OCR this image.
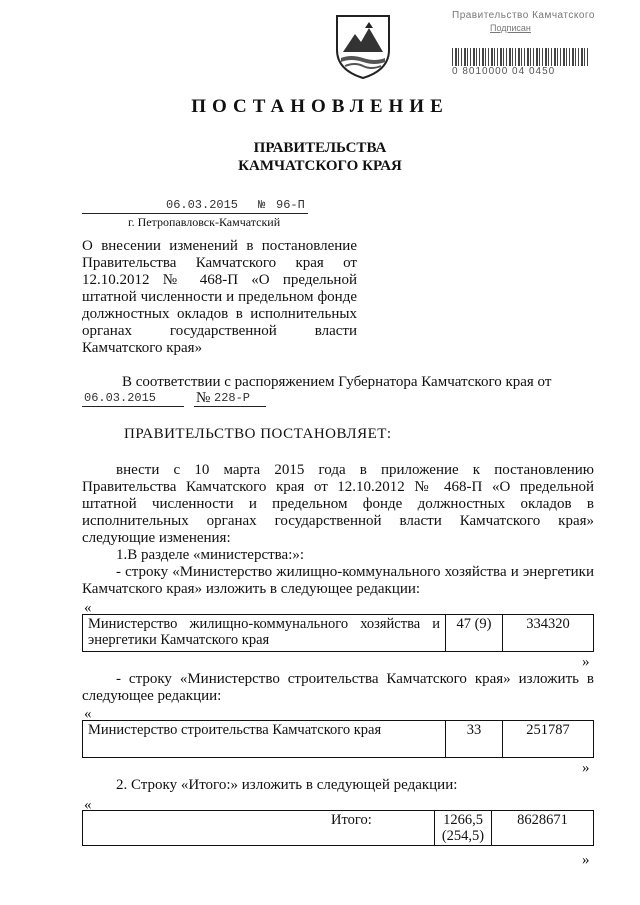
Правительство Камчатского
Подписан
0 8010000 04 0450
ПОСТАНОВЛЕНИЕ
ПРАВИТЕЛЬСТВА
КАМЧАТСКОГО КРАЯ
06.03.2015 № 96-П
г. Петропавловск-Камчатский
О внесении изменений в постановление Правительства Камчатского края от 12.10.2012 № 468-П «О предельной штатной численности и предельном фонде должностных окладов в исполнительных органах государственной власти Камчатского края»
В соответствии с распоряжением Губернатора Камчатского края от
06.03.2015	№ 228-Р
ПРАВИТЕЛЬСТВО ПОСТАНОВЛЯЕТ:
внести с 10 марта 2015 года в приложение к постановлению Правительства Камчатского края от 12.10.2012 № 468-П «О предельной штатной численности и предельном фонде должностных окладов в исполнительных органах государственной власти Камчатского края» следующие изменения:
1.В разделе «министерства:»:
- строку «Министерство жилищно-коммунального хозяйства и энергетики Камчатского края» изложить в следующее редакции:
«
Министерство жилищно-коммунального хозяйства и энергетики Камчатского края	47 (9)	334320
»
- строку «Министерство строительства Камчатского края» изложить в следующее редакции:
«
Министерство строительства Камчатского края	33	251787
»
2. Строку «Итого:» изложить в следующей редакции:
«
Итого:	1266,5
(254,5)
	8628671
»
